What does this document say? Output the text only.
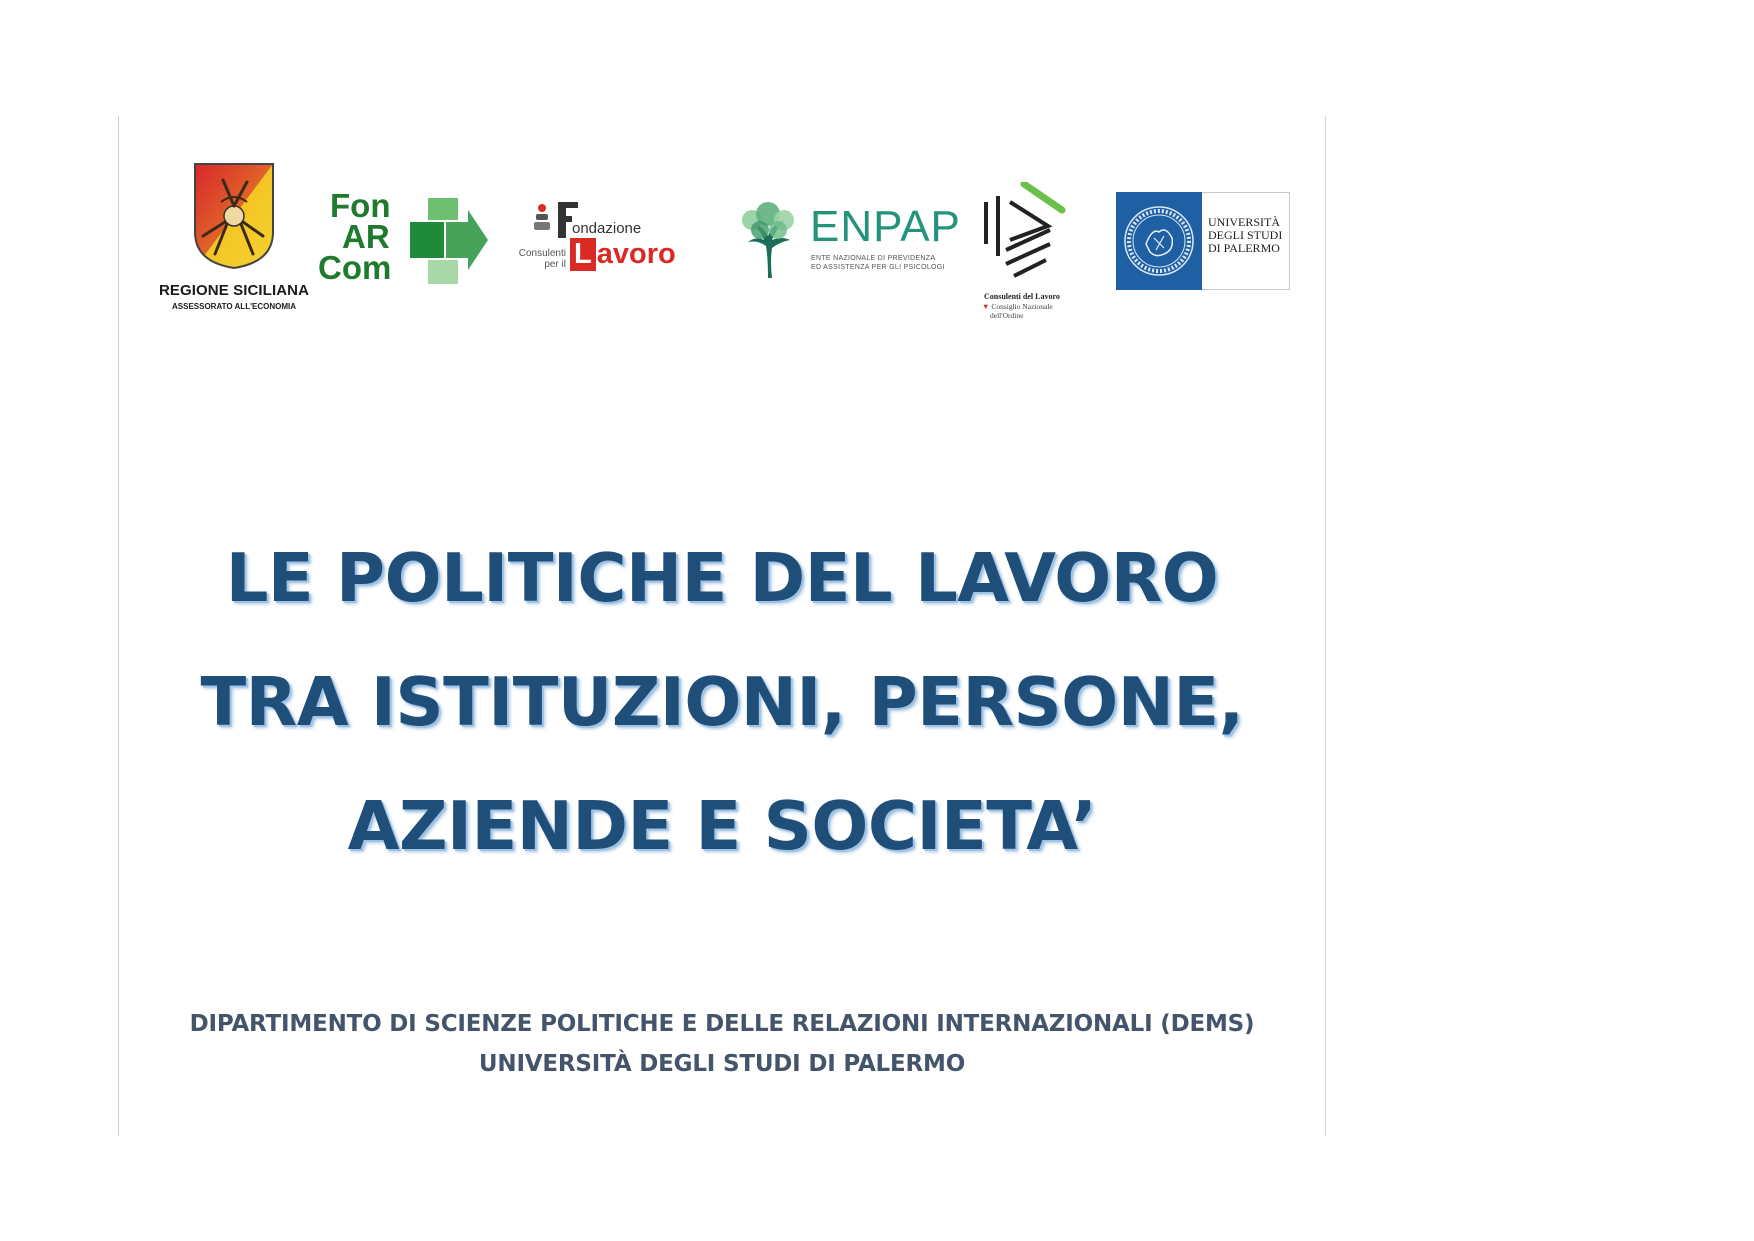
REGIONE SICILIANA
ASSESSORATO ALL'ECONOMIA
Fon
AR
Com
ondazione
Consulenti per il L avoro
ENPAP
ENTE NAZIONALE DI PREVIDENZA
ED ASSISTENZA PER GLI PSICOLOGI
Consulenti del Lavoro
▼ Consiglio Nazionale
dell'Ordine
UNIVERSITÀ
DEGLI STUDI
DI PALERMO
LE POLITICHE DEL LAVORO
TRA ISTITUZIONI, PERSONE,
AZIENDE E SOCIETA’
DIPARTIMENTO DI SCIENZE POLITICHE E DELLE RELAZIONI INTERNAZIONALI (DEMS)
UNIVERSITÀ DEGLI STUDI DI PALERMO
